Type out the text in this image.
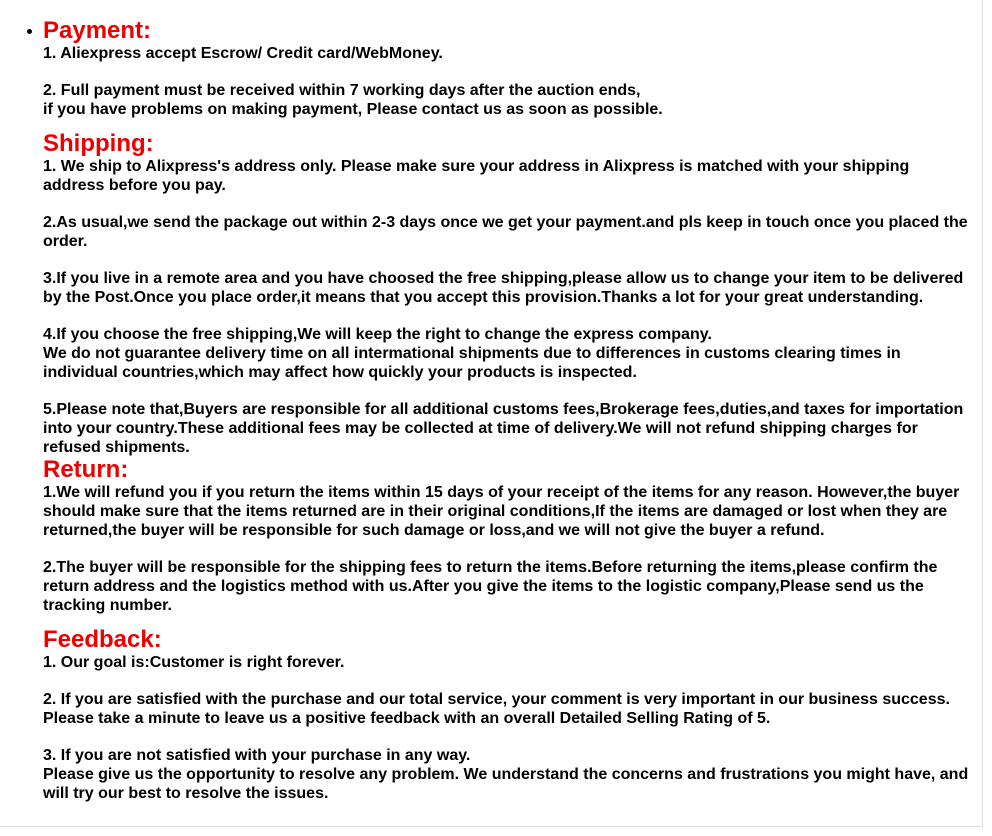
Payment:
1. Aliexpress accept Escrow/ Credit card/WebMoney.
2. Full payment must be received within 7 working days after the auction ends,
if you have problems on making payment, Please contact us as soon as possible.
Shipping:
1. We ship to Alixpress's address only. Please make sure your address in Alixpress is matched with your shipping
address before you pay.
2.As usual,we send the package out within 2-3 days once we get your payment.and pls keep in touch once you placed the
order.
3.If you live in a remote area and you have choosed the free shipping,please allow us to change your item to be delivered
by the Post.Once you place order,it means that you accept this provision.Thanks a lot for your great understanding.
4.If you choose the free shipping,We will keep the right to change the express company.
We do not guarantee delivery time on all intermational shipments due to differences in customs clearing times in
individual countries,which may affect how quickly your products is inspected.
5.Please note that,Buyers are responsible for all additional customs fees,Brokerage fees,duties,and taxes for importation
into your country.These additional fees may be collected at time of delivery.We will not refund shipping charges for
refused shipments.
Return:
1.We will refund you if you return the items within 15 days of your receipt of the items for any reason. However,the buyer
should make sure that the items returned are in their original conditions,If the items are damaged or lost when they are
returned,the buyer will be responsible for such damage or loss,and we will not give the buyer a refund.
2.The buyer will be responsible for the shipping fees to return the items.Before returning the items,please confirm the
return address and the logistics method with us.After you give the items to the logistic company,Please send us the
tracking number.
Feedback:
1. Our goal is:Customer is right forever.
2. If you are satisfied with the purchase and our total service, your comment is very important in our business success.
Please take a minute to leave us a positive feedback with an overall Detailed Selling Rating of 5.
3. If you are not satisfied with your purchase in any way.
Please give us the opportunity to resolve any problem. We understand the concerns and frustrations you might have, and
will try our best to resolve the issues.
